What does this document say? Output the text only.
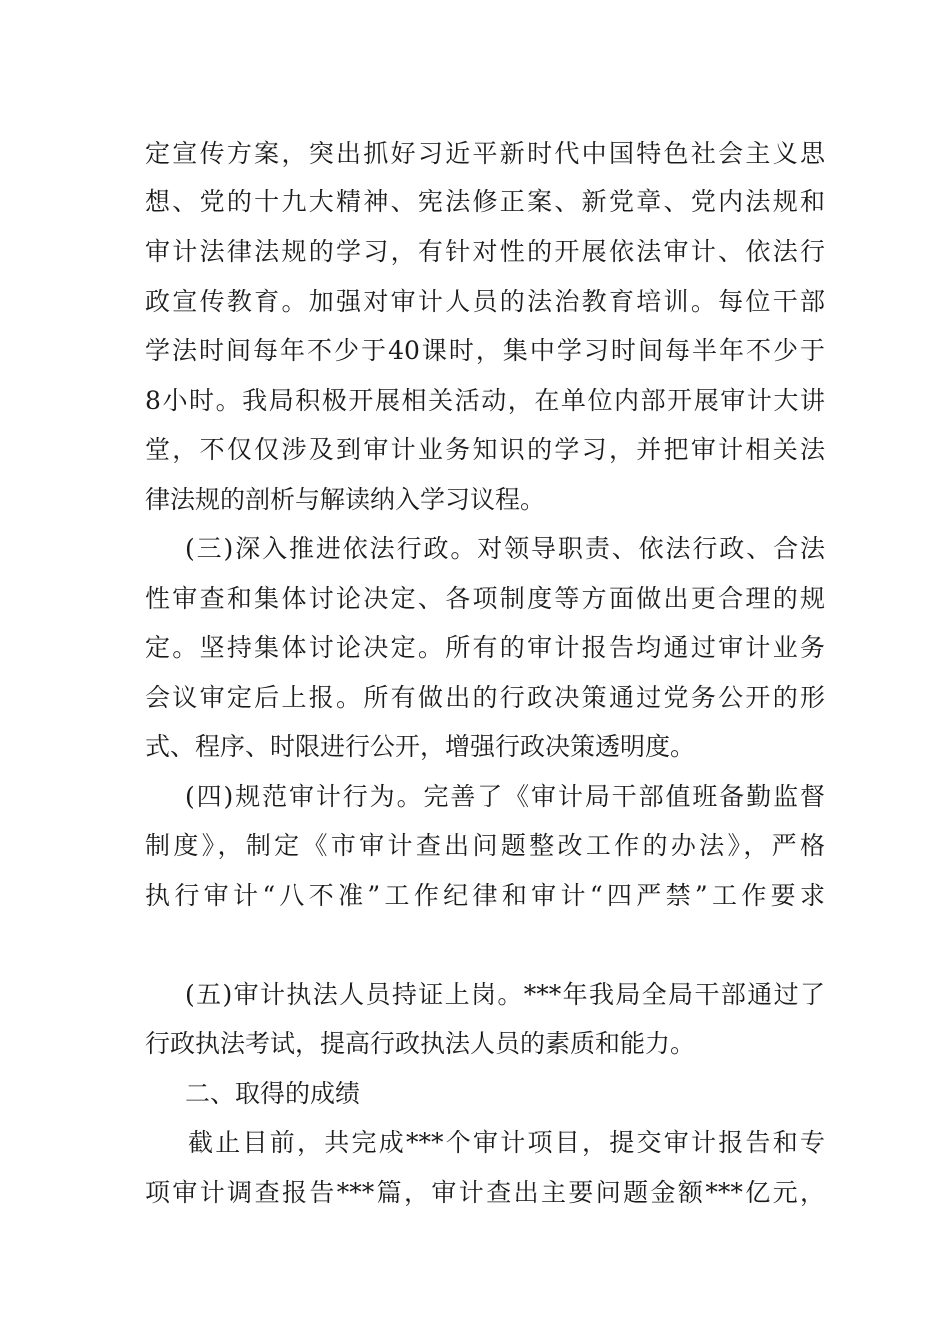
定宣传方案，突出抓好习近平新时代中国特色社会主义思
想、党的十九大精神、宪法修正案、新党章、党内法规和
审计法律法规的学习，有针对性的开展依法审计、依法行
政宣传教育。加强对审计人员的法治教育培训。每位干部
学法时间每年不少于40课时，集中学习时间每半年不少于
8小时。我局积极开展相关活动，在单位内部开展审计大讲
堂，不仅仅涉及到审计业务知识的学习，并把审计相关法
律法规的剖析与解读纳入学习议程。
(三)深入推进依法行政。对领导职责、依法行政、合法
性审查和集体讨论决定、各项制度等方面做出更合理的规
定。坚持集体讨论决定。所有的审计报告均通过审计业务
会议审定后上报。所有做出的行政决策通过党务公开的形
式、程序、时限进行公开，增强行政决策透明度。
(四)规范审计行为。完善了《审计局干部值班备勤监督
制度》，制定《市审计查出问题整改工作的办法》，严格
执行审计“八不准”工作纪律和审计“四严禁”工作要求
(五)审计执法人员持证上岗。***年我局全局干部通过了
行政执法考试，提高行政执法人员的素质和能力。
二、取得的成绩
截止目前，共完成***个审计项目，提交审计报告和专
项审计调查报告***篇，审计查出主要问题金额***亿元，
